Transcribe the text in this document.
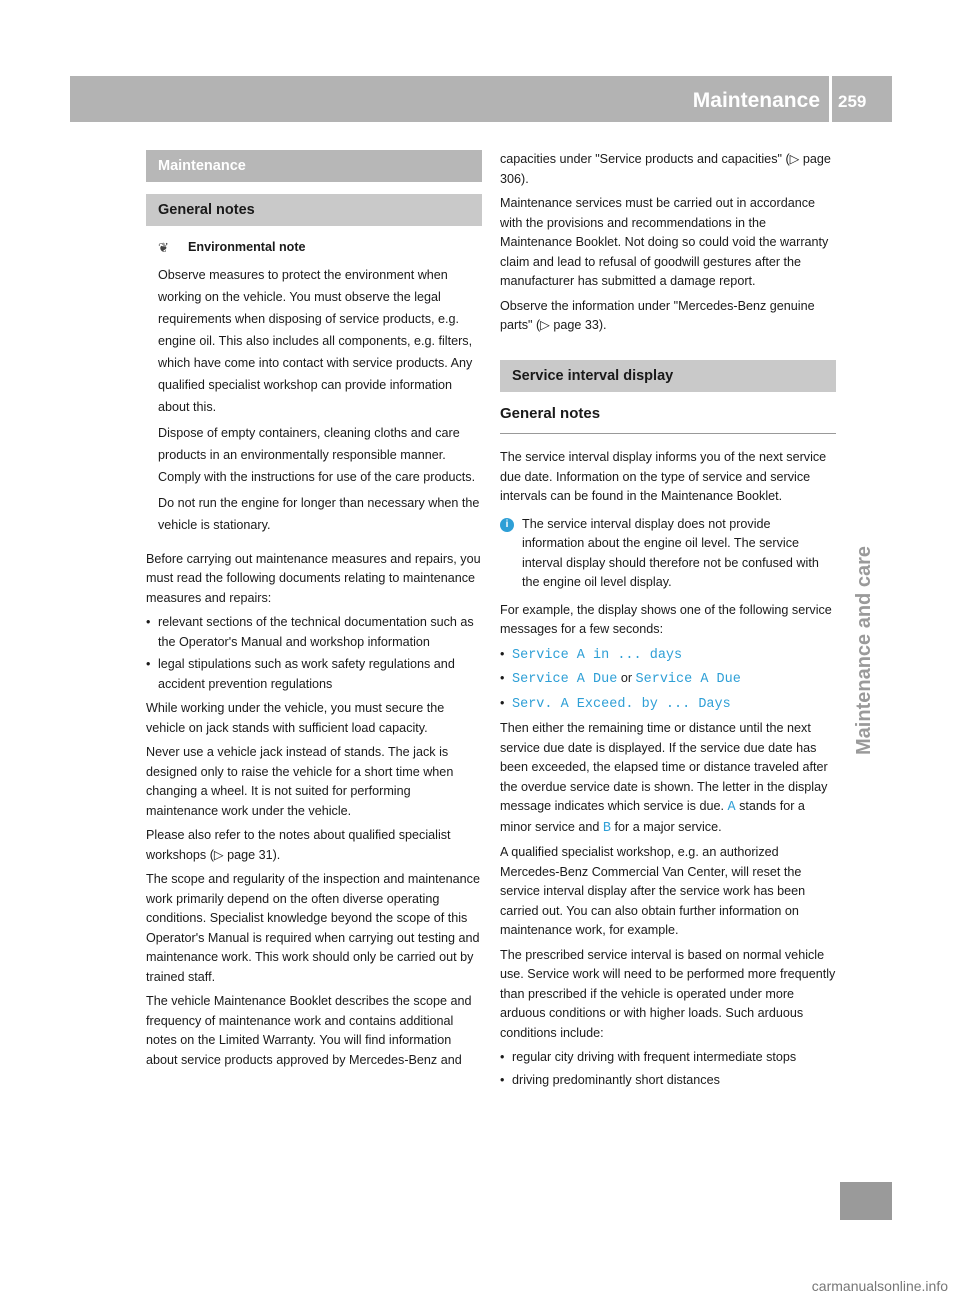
Maintenance 259
Maintenance and care
Maintenance
General notes
❦ Environmental note

Observe measures to protect the environment when working on the vehicle. You must observe the legal requirements when disposing of service products, e.g. engine oil. This also includes all components, e.g. filters, which have come into contact with service products. Any qualified specialist workshop can provide information about this.

Dispose of empty containers, cleaning cloths and care products in an environmentally responsible manner. Comply with the instructions for use of the care products.

Do not run the engine for longer than necessary when the vehicle is stationary.

Before carrying out maintenance measures and repairs, you must read the following documents relating to maintenance measures and repairs:

• relevant sections of the technical documentation such as the Operator's Manual and workshop information
• legal stipulations such as work safety regulations and accident prevention regulations

While working under the vehicle, you must secure the vehicle on jack stands with sufficient load capacity.

Never use a vehicle jack instead of stands. The jack is designed only to raise the vehicle for a short time when changing a wheel. It is not suited for performing maintenance work under the vehicle.

Please also refer to the notes about qualified specialist workshops (▷ page 31).

The scope and regularity of the inspection and maintenance work primarily depend on the often diverse operating conditions. Specialist knowledge beyond the scope of this Operator's Manual is required when carrying out testing and maintenance work. This work should only be carried out by trained staff.

The vehicle Maintenance Booklet describes the scope and frequency of maintenance work and contains additional notes on the Limited Warranty. You will find information about service products approved by Mercedes-Benz and

capacities under "Service products and capacities" (▷ page 306).

Maintenance services must be carried out in accordance with the provisions and recommendations in the Maintenance Booklet. Not doing so could void the warranty claim and lead to refusal of goodwill gestures after the manufacturer has submitted a damage report.

Observe the information under "Mercedes-Benz genuine parts" (▷ page 33).

Service interval display
General notes

The service interval display informs you of the next service due date. Information on the type of service and service intervals can be found in the Maintenance Booklet.

i	The service interval display does not provide information about the engine oil level. The service interval display should therefore not be confused with the engine oil level display.

For example, the display shows one of the following service messages for a few seconds:

• Service A in ... days
• Service A Due or Service A Due
• Serv. A Exceed. by ... Days

Then either the remaining time or distance until the next service due date is displayed. If the service due date has been exceeded, the elapsed time or distance traveled after the overdue service date is shown. The letter in the display message indicates which service is due. A stands for a minor service and B for a major service.

A qualified specialist workshop, e.g. an authorized Mercedes-Benz Commercial Van Center, will reset the service interval display after the service work has been carried out. You can also obtain further information on maintenance work, for example.

The prescribed service interval is based on normal vehicle use. Service work will need to be performed more frequently than prescribed if the vehicle is operated under more arduous conditions or with higher loads. Such arduous conditions include:

• regular city driving with frequent intermediate stops
• driving predominantly short distances
carmanualsonline.info
